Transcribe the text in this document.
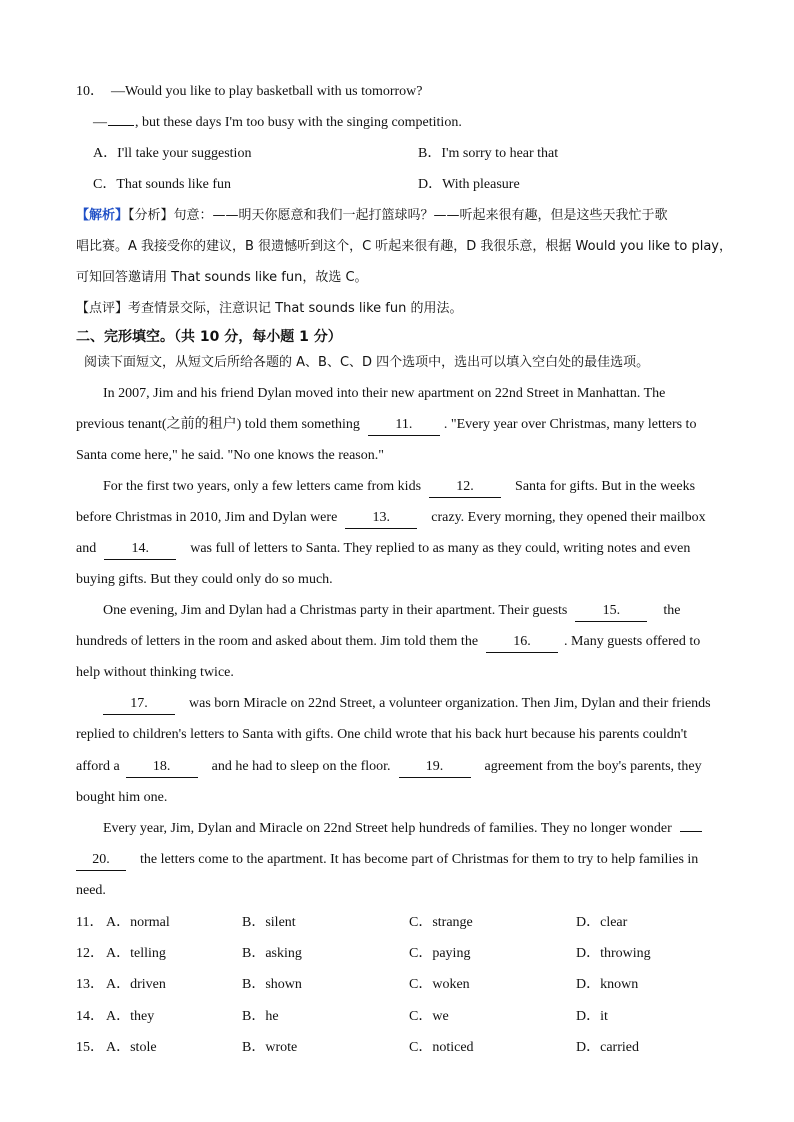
10．  —Would you like to play basketball with us tomorrow?
— , but these days I'm too busy with the singing competition.
A．I'll take your suggestion	B．I'm sorry to hear that
C．That sounds like fun	D．With pleasure
【解析】【分析】句意：——明天你愿意和我们一起打篮球吗？——听起来很有趣，但是这些天我忙于歌
唱比赛。A 我接受你的建议，B 很遗憾听到这个，C 听起来很有趣，D 我很乐意，根据 Would you like to play，
可知回答邀请用 That sounds like fun，故选 C。
【点评】考查情景交际，注意识记 That sounds like fun 的用法。
二、完形填空。（共 10 分，每小题 1 分）
阅读下面短文，从短文后所给各题的 A、B、C、D 四个选项中，选出可以填入空白处的最佳选项。
In 2007, Jim and his friend Dylan moved into their new apartment on 22nd Street in Manhattan. The
previous tenant(之前的租户) told them something	11. . "Every year over Christmas, many letters to
Santa come here," he said. "No one knows the reason."
For the first two years, only a few letters came from kids	12.	Santa for gifts. But in the weeks
before Christmas in 2010, Jim and Dylan were	13.	crazy. Every morning, they opened their mailbox
and	14.	was full of letters to Santa. They replied to as many as they could, writing notes and even
buying gifts. But they could only do so much.
One evening, Jim and Dylan had a Christmas party in their apartment. Their guests	15.	the
hundreds of letters in the room and asked about them. Jim told them the	16. . Many guests offered to
help without thinking twice.
17.	was born Miracle on 22nd Street, a volunteer organization. Then Jim, Dylan and their friends
replied to children's letters to Santa with gifts. One child wrote that his back hurt because his parents couldn't
afford a 18.	and he had to sleep on the floor.	19.	agreement from the boy's parents, they
bought him one.
Every year, Jim, Dylan and Miracle on 22nd Street help hundreds of families. They no longer wonder
20. the letters come to the apartment. It has become part of Christmas for them to try to help families in
need.
11． A．normal	B．silent	C．strange	D．clear
12． A．telling	B．asking	C．paying	D．throwing
13． A．driven	B．shown	C．woken	D．known
14． A．they	B．he	C．we	D．it
15． A．stole	B．wrote	C．noticed	D．carried
